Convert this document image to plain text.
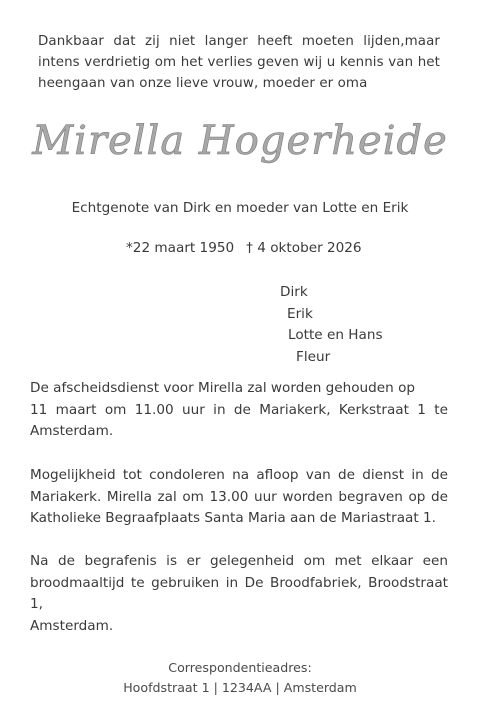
Dankbaar dat zij niet langer heeft moeten lijden,maar
intens verdrietig om het verlies geven wij u kennis van het
heengaan van onze lieve vrouw, moeder er oma
Mirella Hogerheide
Echtgenote van Dirk en moeder van Lotte en Erik
*22 maart 1950 † 4 oktober 2026
Dirk
Erik
Lotte en Hans
Fleur
De afscheidsdienst voor Mirella zal worden gehouden op
11 maart om 11.00 uur in de Mariakerk, Kerkstraat 1 te
Amsterdam.
Mogelijkheid tot condoleren na afloop van de dienst in de
Mariakerk. Mirella zal om 13.00 uur worden begraven op de
Katholieke Begraafplaats Santa Maria aan de Mariastraat 1.
Na de begrafenis is er gelegenheid om met elkaar een
broodmaaltijd te gebruiken in De Broodfabriek, Broodstraat 1,
Amsterdam.
Correspondentieadres:
Hoofdstraat 1 | 1234AA | Amsterdam
